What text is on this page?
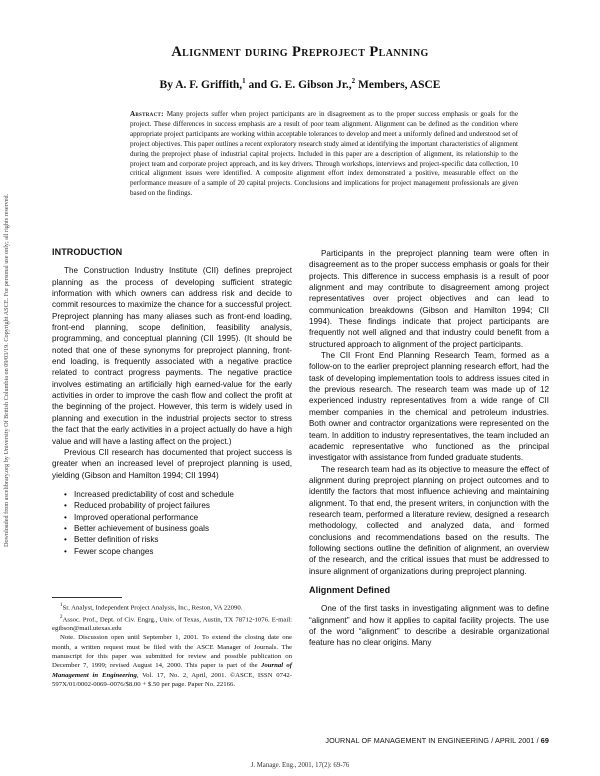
Downloaded from ascelibrary.org by University Of British Columbia on 09/03/19. Copyright ASCE. For personal use only; all rights reserved.
Alignment during Preproject Planning
By A. F. Griffith,$^1$ and G. E. Gibson Jr.,$^2$ Members, ASCE
Abstract: Many projects suffer when project participants are in disagreement as to the proper success emphasis or goals for the project. These differences in success emphasis are a result of poor team alignment. Alignment can be defined as the condition where appropriate project participants are working within acceptable tolerances to develop and meet a uniformly defined and understood set of project objectives. This paper outlines a recent exploratory research study aimed at identifying the important characteristics of alignment during the preproject phase of industrial capital projects. Included in this paper are a description of alignment, its relationship to the project team and corporate project approach, and its key drivers. Through workshops, interviews and project-specific data collection, 10 critical alignment issues were identified. A composite alignment effort index demonstrated a positive, measurable effect on the performance measure of a sample of 20 capital projects. Conclusions and implications for project management professionals are given based on the findings.
INTRODUCTION

The Construction Industry Institute (CII) defines preproject planning as the process of developing sufficient strategic information with which owners can address risk and decide to commit resources to maximize the chance for a successful project. Preproject planning has many aliases such as front-end loading, front-end planning, scope definition, feasibility analysis, programming, and conceptual planning (CII 1995). (It should be noted that one of these synonyms for preproject planning, front-end loading, is frequently associated with a negative practice related to contract progress payments. The negative practice involves estimating an artificially high earned-value for the early activities in order to improve the cash flow and collect the profit at the beginning of the project. However, this term is widely used in planning and execution in the industrial projects sector to stress the fact that the early activities in a project actually do have a high value and will have a lasting affect on the project.)

Previous CII research has documented that project success is greater when an increased level of preproject planning is used, yielding (Gibson and Hamilton 1994; CII 1994)

• Increased predictability of cost and schedule
• Reduced probability of project failures
• Improved operational performance
• Better achievement of business goals
• Better definition of risks
• Fewer scope changes

$^1$Sr. Analyst, Independent Project Analysis, Inc., Reston, VA 22090.

$^2$Assoc. Prof., Dept. of Civ. Engrg., Univ. of Texas, Austin, TX 78712-1076. E-mail: egibson@mail.utexas.edu

Note. Discussion open until September 1, 2001. To extend the closing date one month, a written request must be filed with the ASCE Manager of Journals. The manuscript for this paper was submitted for review and possible publication on December 7, 1999; revised August 14, 2000. This paper is part of the Journal of Management in Engineering, Vol. 17, No. 2, April, 2001. ©ASCE, ISSN 0742-597X/01/0002-0069–0076/$8.00 + $.50 per page. Paper No. 22166.

Participants in the preproject planning team were often in disagreement as to the proper success emphasis or goals for their projects. This difference in success emphasis is a result of poor alignment and may contribute to disagreement among project representatives over project objectives and can lead to communication breakdowns (Gibson and Hamilton 1994; CII 1994). These findings indicate that project participants are frequently not well aligned and that industry could benefit from a structured approach to alignment of the project participants.

The CII Front End Planning Research Team, formed as a follow-on to the earlier preproject planning research effort, had the task of developing implementation tools to address issues cited in the previous research. The research team was made up of 12 experienced industry representatives from a wide range of CII member companies in the chemical and petroleum industries. Both owner and contractor organizations were represented on the team. In addition to industry representatives, the team included an academic representative who functioned as the principal investigator with assistance from funded graduate students.

The research team had as its objective to measure the effect of alignment during preproject planning on project outcomes and to identify the factors that most influence achieving and maintaining alignment. To that end, the present writers, in conjunction with the research team, performed a literature review, designed a research methodology, collected and analyzed data, and formed conclusions and recommendations based on the results. The following sections outline the definition of alignment, an overview of the research, and the critical issues that must be addressed to insure alignment of organizations during preproject planning.

Alignment Defined

One of the first tasks in investigating alignment was to define “alignment” and how it applies to capital facility projects. The use of the word “alignment” to describe a desirable organizational feature has no clear origins. Many

JOURNAL OF MANAGEMENT IN ENGINEERING / APRIL 2001 / 69
J. Manage. Eng., 2001, 17(2): 69-76
